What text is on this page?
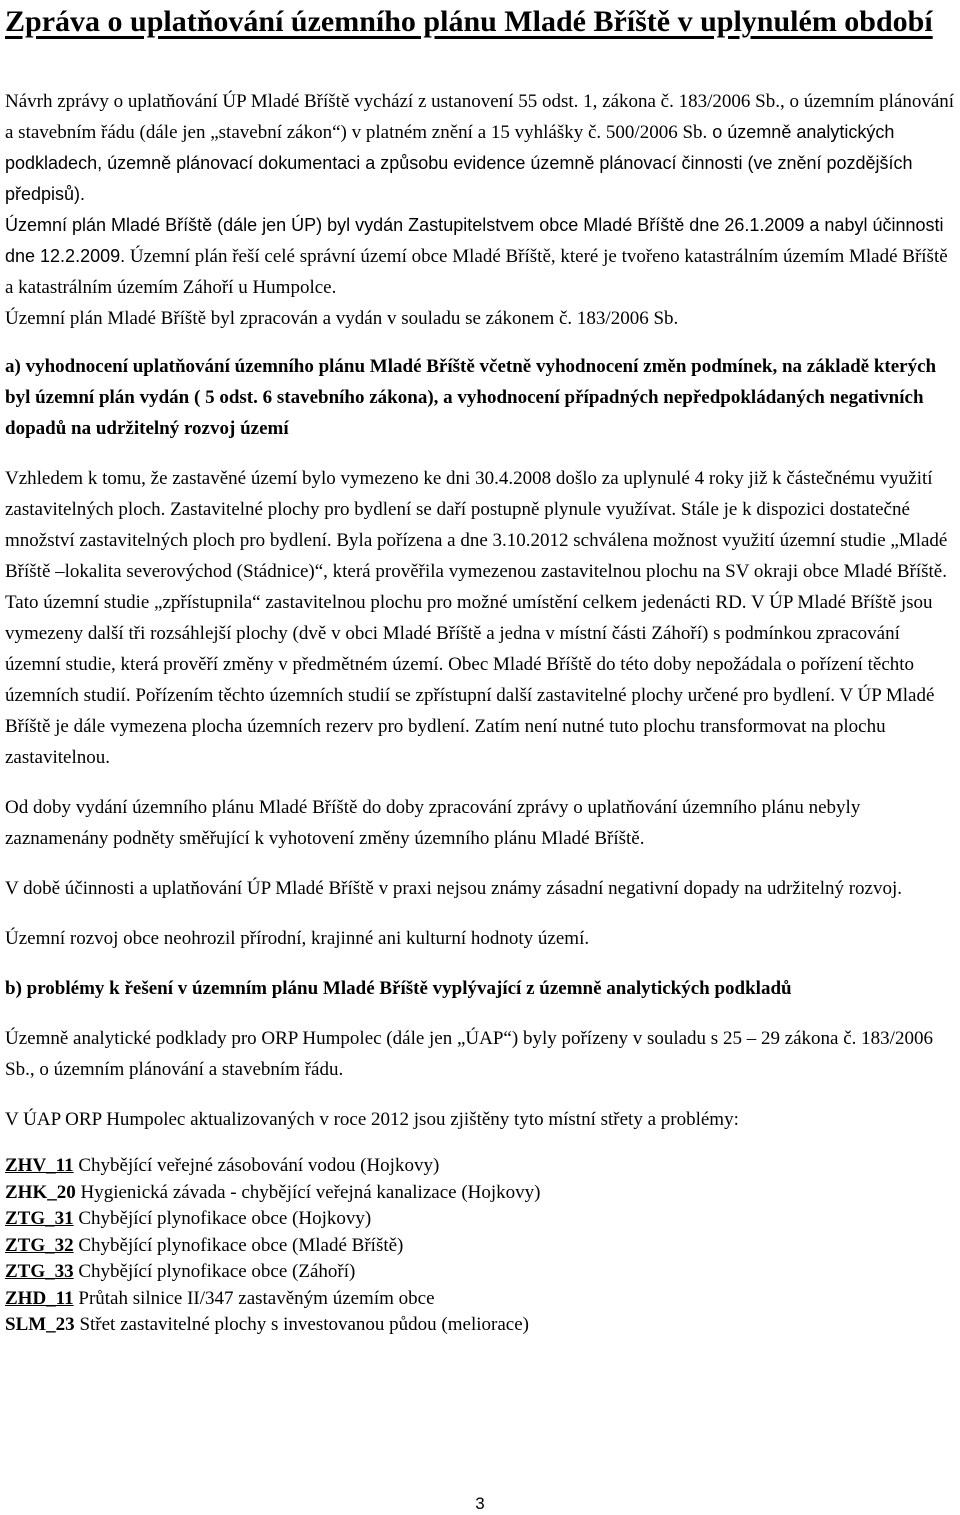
Zpráva o uplatňování územního plánu Mladé Bříště v uplynulém období

Návrh zprávy o uplatňování ÚP Mladé Bříště vychází z ustanovení 55 odst. 1, zákona č. 183/2006 Sb., o územním plánování a stavebním řádu (dále jen „stavební zákon“) v platném znění a 15 vyhlášky č. 500/2006 Sb. o územně analytických podkladech, územně plánovací dokumentaci a způsobu evidence územně plánovací činnosti (ve znění pozdějších předpisů).

Územní plán Mladé Bříště (dále jen ÚP) byl vydán Zastupitelstvem obce Mladé Bříště dne 26.1.2009 a nabyl účinnosti dne 12.2.2009. Územní plán řeší celé správní území obce Mladé Bříště, které je tvořeno katastrálním územím Mladé Bříště a katastrálním územím Záhoří u Humpolce.

Územní plán Mladé Bříště byl zpracován a vydán v souladu se zákonem č. 183/2006 Sb.

a) vyhodnocení uplatňování územního plánu Mladé Bříště včetně vyhodnocení změn podmínek, na základě kterých byl územní plán vydán ( 5 odst. 6 stavebního zákona), a vyhodnocení případných nepředpokládaných negativních dopadů na udržitelný rozvoj území

Vzhledem k tomu, že zastavěné území bylo vymezeno ke dni 30.4.2008 došlo za uplynulé 4 roky již k částečnému využití zastavitelných ploch. Zastavitelné plochy pro bydlení se daří postupně plynule využívat. Stále je k dispozici dostatečné množství zastavitelných ploch pro bydlení. Byla pořízena a dne 3.10.2012 schválena možnost využití územní studie „Mladé Bříště –lokalita severovýchod (Stádnice)“, která prověřila vymezenou zastavitelnou plochu na SV okraji obce Mladé Bříště. Tato územní studie „zpřístupnila“ zastavitelnou plochu pro možné umístění celkem jedenácti RD. V ÚP Mladé Bříště jsou vymezeny další tři rozsáhlejší plochy (dvě v obci Mladé Bříště a jedna v místní části Záhoří) s podmínkou zpracování územní studie, která prověří změny v předmětném území. Obec Mladé Bříště do této doby nepožádala o pořízení těchto územních studií. Pořízením těchto územních studií se zpřístupní další zastavitelné plochy určené pro bydlení. V ÚP Mladé Bříště je dále vymezena plocha územních rezerv pro bydlení. Zatím není nutné tuto plochu transformovat na plochu zastavitelnou.

Od doby vydání územního plánu Mladé Bříště do doby zpracování zprávy o uplatňování územního plánu nebyly zaznamenány podněty směřující k vyhotovení změny územního plánu Mladé Bříště.

V době účinnosti a uplatňování ÚP Mladé Bříště v praxi nejsou známy zásadní negativní dopady na udržitelný rozvoj.

Územní rozvoj obce neohrozil přírodní, krajinné ani kulturní hodnoty území.

b) problémy k řešení v územním plánu Mladé Bříště vyplývající z územně analytických podkladů

Územně analytické podklady pro ORP Humpolec (dále jen „ÚAP“) byly pořízeny v souladu s 25 – 29 zákona č. 183/2006 Sb., o územním plánování a stavebním řádu.

V ÚAP ORP Humpolec aktualizovaných v roce 2012 jsou zjištěny tyto místní střety a problémy:

ZHV_11 Chybějící veřejné zásobování vodou (Hojkovy)

ZHK_20 Hygienická závada - chybějící veřejná kanalizace (Hojkovy)

ZTG_31 Chybějící plynofikace obce (Hojkovy)

ZTG_32 Chybějící plynofikace obce (Mladé Bříště)

ZTG_33 Chybějící plynofikace obce (Záhoří)

ZHD_11 Průtah silnice II/347 zastavěným územím obce

SLM_23 Střet zastavitelné plochy s investovanou půdou (meliorace)

3
